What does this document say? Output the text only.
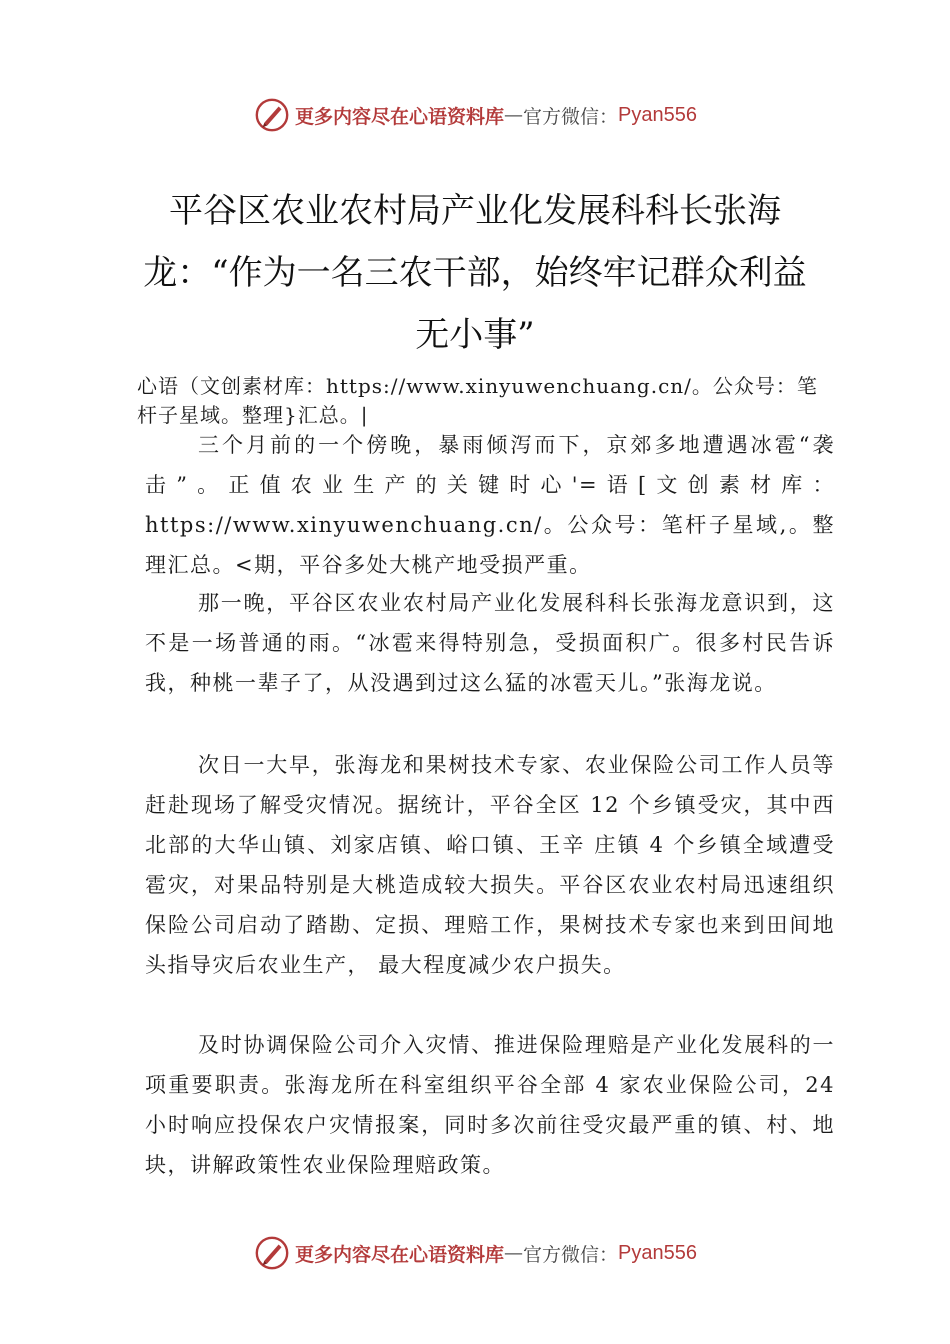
更多内容尽在心语资料库 — 官方微信： Pyan556
平谷区农业农村局产业化发展科科长张海龙：“作为一名三农干部，始终牢记群众利益无小事”

心语（文创素材库：https://www.xinyuwenchuang.cn/。公众号：笔杆子星域。整理}汇总。|

三个月前的一个傍晚，暴雨倾泻而下，京郊多地遭遇冰雹“袭击”。正值农业生产的关键时心'=语[文创素材库：https://www.xinyuwenchuang.cn/。公众号：笔杆子星域,。整理汇总。<期，平谷多处大桃产地受损严重。

那一晚，平谷区农业农村局产业化发展科科长张海龙意识到，这不是一场普通的雨。“冰雹来得特别急，受损面积广。很多村民告诉我，种桃一辈子了，从没遇到过这么猛的冰雹天儿。”张海龙说。

次日一大早，张海龙和果树技术专家、农业保险公司工作人员等赶赴现场了解受灾情况。据统计，平谷全区 12 个乡镇受灾，其中西北部的大华山镇、刘家店镇、峪口镇、王辛 庄镇 4 个乡镇全域遭受雹灾，对果品特别是大桃造成较大损失。平谷区农业农村局迅速组织保险公司启动了踏勘、定损、理赔工作，果树技术专家也来到田间地头指导灾后农业生产， 最大程度减少农户损失。

及时协调保险公司介入灾情、推进保险理赔是产业化发展科的一项重要职责。张海龙所在科室组织平谷全部 4 家农业保险公司，24 小时响应投保农户灾情报案，同时多次前往受灾最严重的镇、村、地块，讲解政策性农业保险理赔政策。

更多内容尽在心语资料库 — 官方微信： Pyan556
